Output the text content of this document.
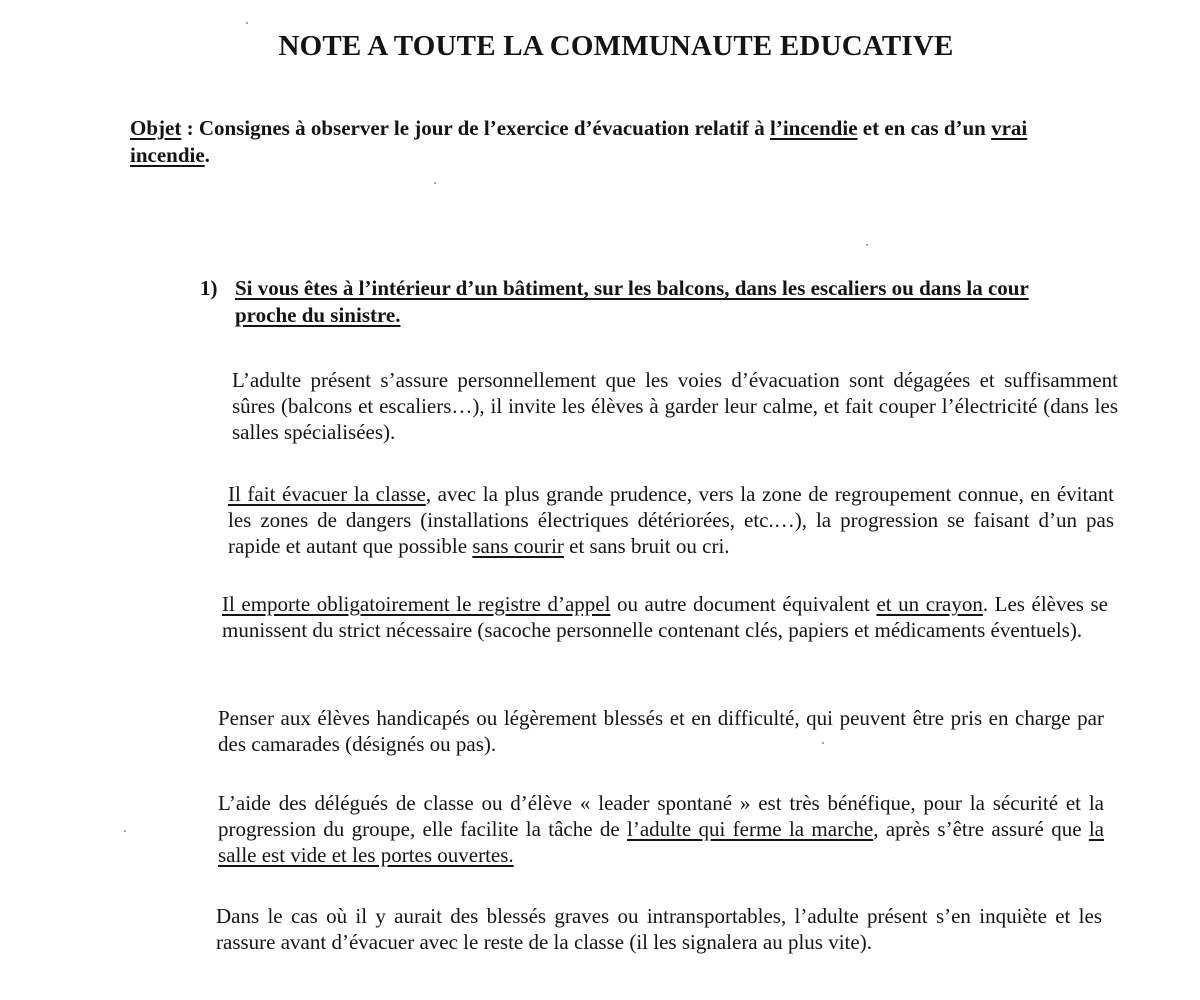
NOTE A TOUTE LA COMMUNAUTE EDUCATIVE
Objet : Consignes à observer le jour de l’exercice d’évacuation relatif à l’incendie et en cas d’un vrai incendie.
1) Si vous êtes à l’intérieur d’un bâtiment, sur les balcons, dans les escaliers ou dans la cour proche du sinistre.
L’adulte présent s’assure personnellement que les voies d’évacuation sont dégagées et suffisamment sûres (balcons et escaliers…), il invite les élèves à garder leur calme, et fait couper l’électricité (dans les salles spécialisées).
Il fait évacuer la classe, avec la plus grande prudence, vers la zone de regroupement connue, en évitant les zones de dangers (installations électriques détériorées, etc.…), la progression se faisant d’un pas rapide et autant que possible sans courir et sans bruit ou cri.
Il emporte obligatoirement le registre d’appel ou autre document équivalent et un crayon. Les élèves se munissent du strict nécessaire (sacoche personnelle contenant clés, papiers et médicaments éventuels).
Penser aux élèves handicapés ou légèrement blessés et en difficulté, qui peuvent être pris en charge par des camarades (désignés ou pas).
L’aide des délégués de classe ou d’élève « leader spontané » est très bénéfique, pour la sécurité et la progression du groupe, elle facilite la tâche de l’adulte qui ferme la marche, après s’être assuré que la salle est vide et les portes ouvertes.
Dans le cas où il y aurait des blessés graves ou intransportables, l’adulte présent s’en inquiète et les rassure avant d’évacuer avec le reste de la classe (il les signalera au plus vite).
